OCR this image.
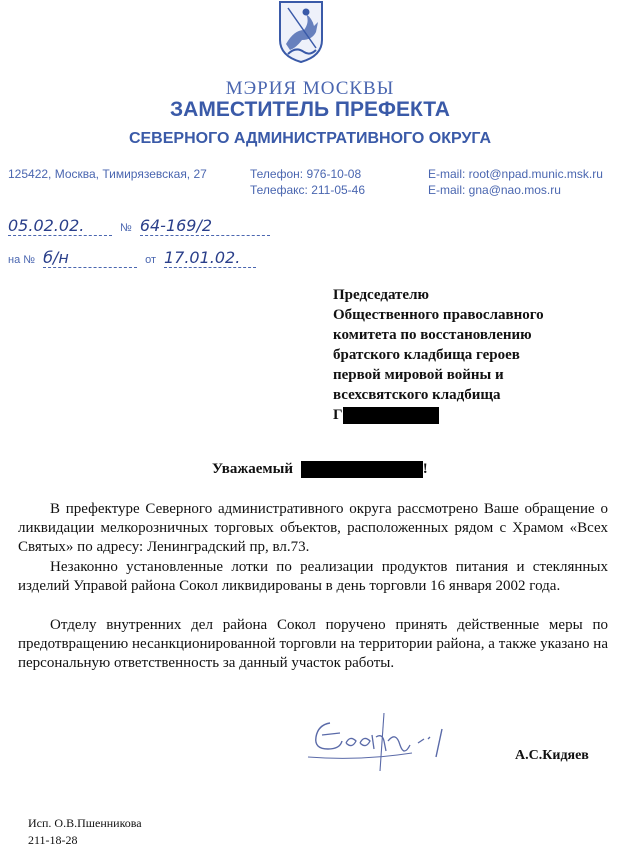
МЭРИЯ МОСКВЫ
ЗАМЕСТИТЕЛЬ ПРЕФЕКТА
СЕВЕРНОГО АДМИНИСТРАТИВНОГО ОКРУГА
125422, Москва, Тимирязевская, 27	Телефон: 976-10-08
Телефакс: 211-05-46
E-mail: root@npad.munic.msk.ru
E-mail: gna@nao.mos.ru
05.02.02.	№ 64-169/2
на № б/н	от 17.01.02.
Председателю
Общественного православного
комитета по восстановлению
братского кладбища героев
первой мировой войны и
всехсвятского кладбища
Г
Уважаемый	!
В префектуре Северного административного округа рассмотрено Ваше обращение о ликвидации мелкорозничных торговых объектов, расположенных рядом с Храмом «Всех Святых» по адресу: Ленинградский пр, вл.73.
Незаконно установленные лотки по реализации продуктов питания и стеклянных изделий Управой района Сокол ликвидированы в день торговли 16 января 2002 года.
Отделу внутренних дел района Сокол поручено принять действенные меры по предотвращению несанкционированной торговли на территории района, а также указано на персональную ответственность за данный участок работы.
А.С.Кидяев
Исп. О.В.Пшенникова
211-18-28
